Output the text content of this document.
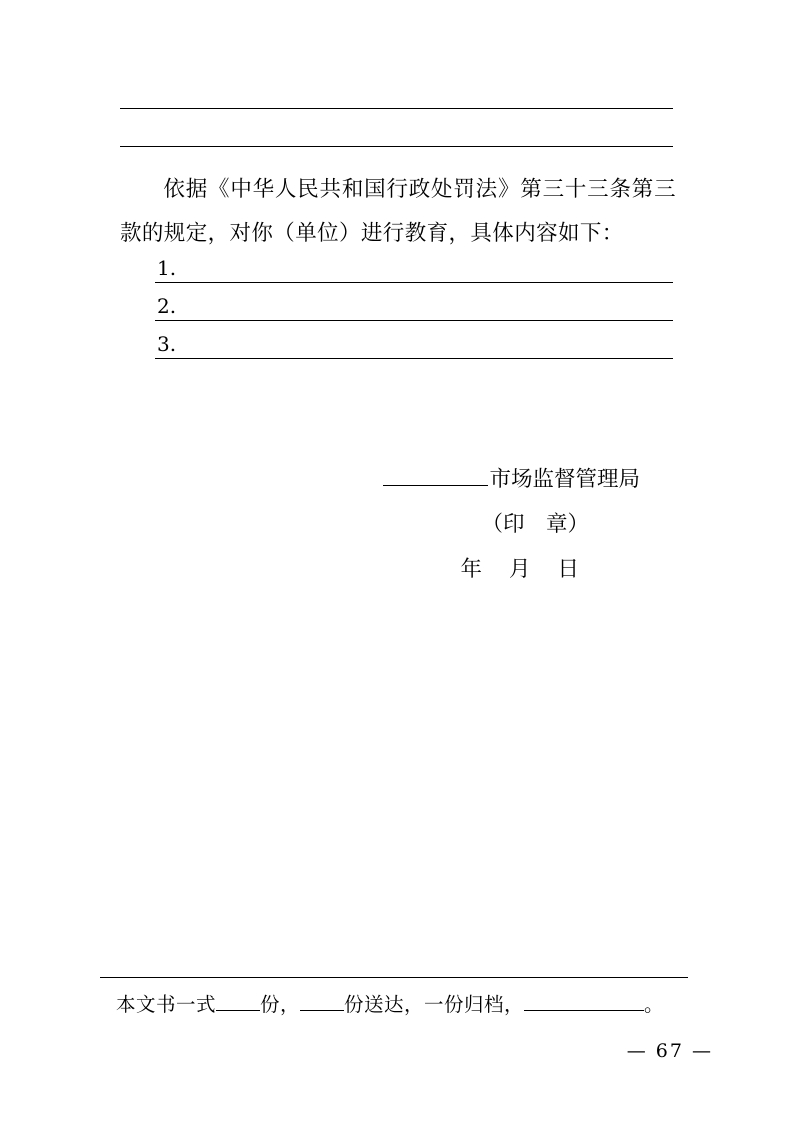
依据《中华人民共和国行政处罚法》第三十三条第三款的规定，对你（单位）进行教育，具体内容如下：
1.
2.
3.
市场监督管理局
（印　章）
年 月 日
本文书一式 份， 份送达，一份归档，	。
— 67 —
